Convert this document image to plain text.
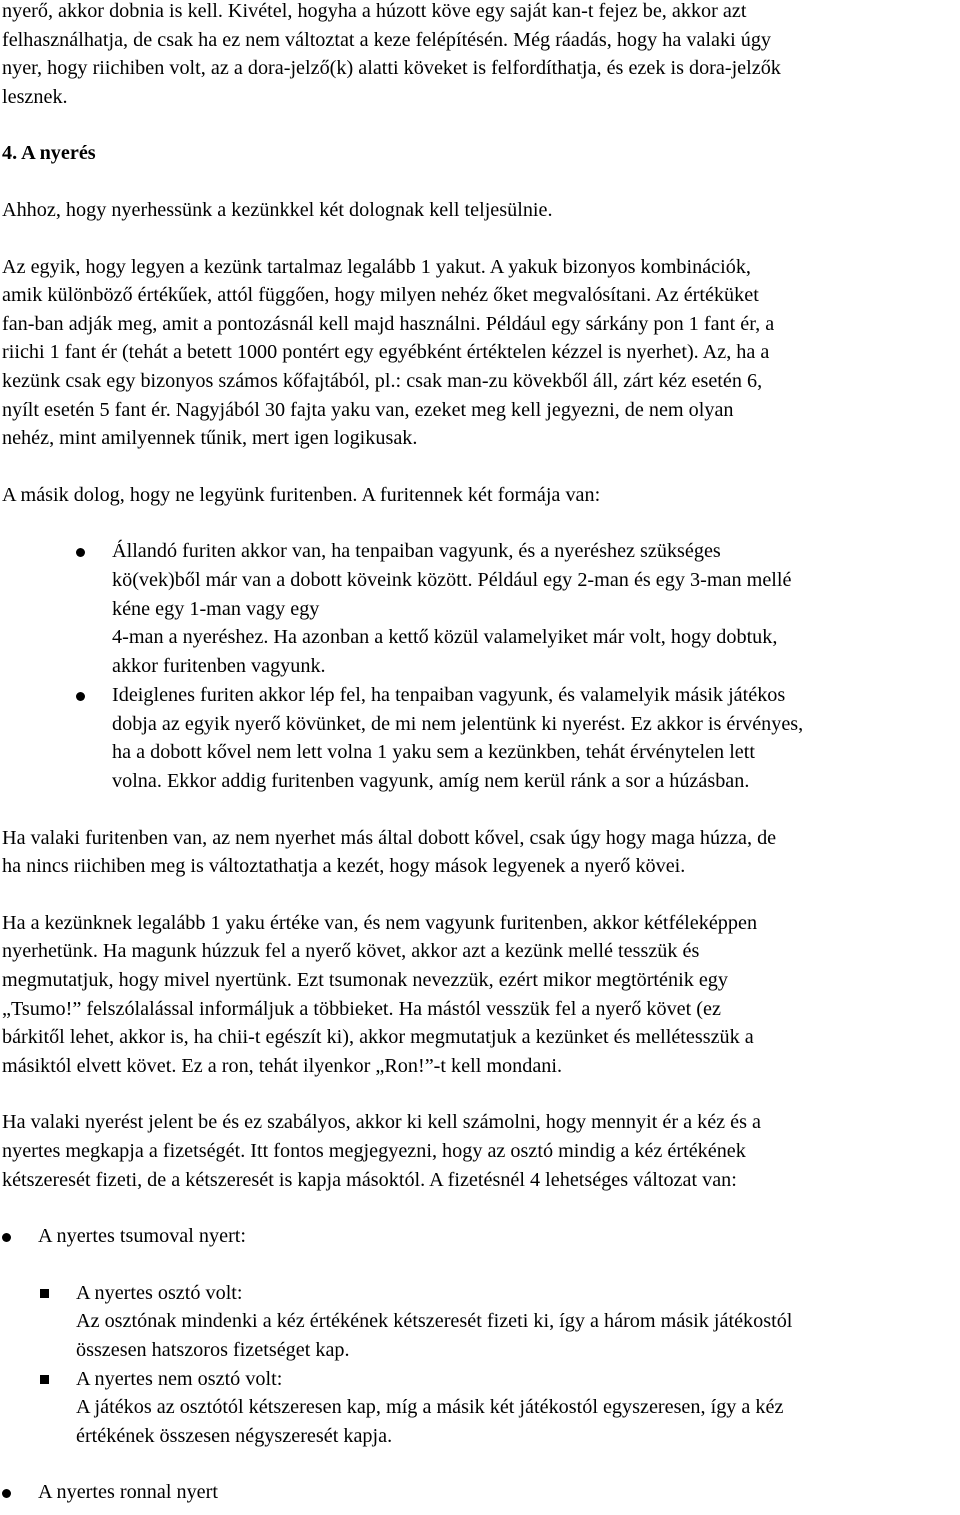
nyerő, akkor dobnia is kell. Kivétel, hogyha a húzott köve egy saját kan-t fejez be, akkor azt

felhasználhatja, de csak ha ez nem változtat a keze felépítésén. Még ráadás, hogy ha valaki úgy

nyer, hogy riichiben volt, az a dora-jelző(k) alatti köveket is felfordíthatja, és ezek is dora-jelzők

lesznek.

4. A nyerés

Ahhoz, hogy nyerhessünk a kezünkkel két dolognak kell teljesülnie.

Az egyik, hogy legyen a kezünk tartalmaz legalább 1 yakut. A yakuk bizonyos kombinációk,

amik különböző értékűek, attól függően, hogy milyen nehéz őket megvalósítani. Az értéküket

fan-ban adják meg, amit a pontozásnál kell majd használni. Például egy sárkány pon 1 fant ér, a

riichi 1 fant ér (tehát a betett 1000 pontért egy egyébként értéktelen kézzel is nyerhet). Az, ha a

kezünk csak egy bizonyos számos kőfajtából, pl.: csak man-zu kövekből áll, zárt kéz esetén 6,

nyílt esetén 5 fant ér. Nagyjából 30 fajta yaku van, ezeket meg kell jegyezni, de nem olyan

nehéz, mint amilyennek tűnik, mert igen logikusak.

A másik dolog, hogy ne legyünk furitenben. A furitennek két formája van:

Állandó furiten akkor van, ha tenpaiban vagyunk, és a nyeréshez szükséges

kö(vek)ből már van a dobott köveink között. Például egy 2-man és egy 3-man mellé

kéne egy 1-man vagy egy

4-man a nyeréshez. Ha azonban a kettő közül valamelyiket már volt, hogy dobtuk,

akkor furitenben vagyunk.

Ideiglenes furiten akkor lép fel, ha tenpaiban vagyunk, és valamelyik másik játékos

dobja az egyik nyerő kövünket, de mi nem jelentünk ki nyerést. Ez akkor is érvényes,

ha a dobott kővel nem lett volna 1 yaku sem a kezünkben, tehát érvénytelen lett

volna. Ekkor addig furitenben vagyunk, amíg nem kerül ránk a sor a húzásban.

Ha valaki furitenben van, az nem nyerhet más által dobott kővel, csak úgy hogy maga húzza, de

ha nincs riichiben meg is változtathatja a kezét, hogy mások legyenek a nyerő kövei.

Ha a kezünknek legalább 1 yaku értéke van, és nem vagyunk furitenben, akkor kétféleképpen

nyerhetünk. Ha magunk húzzuk fel a nyerő követ, akkor azt a kezünk mellé tesszük és

megmutatjuk, hogy mivel nyertünk. Ezt tsumonak nevezzük, ezért mikor megtörténik egy

„Tsumo!” felszólalással informáljuk a többieket. Ha mástól vesszük fel a nyerő követ (ez

bárkitől lehet, akkor is, ha chii-t egészít ki), akkor megmutatjuk a kezünket és mellétesszük a

másiktól elvett követ. Ez a ron, tehát ilyenkor „Ron!”-t kell mondani.

Ha valaki nyerést jelent be és ez szabályos, akkor ki kell számolni, hogy mennyit ér a kéz és a

nyertes megkapja a fizetségét. Itt fontos megjegyezni, hogy az osztó mindig a kéz értékének

kétszeresét fizeti, de a kétszeresét is kapja másoktól. A fizetésnél 4 lehetséges változat van:

A nyertes tsumoval nyert:

A nyertes osztó volt:

Az osztónak mindenki a kéz értékének kétszeresét fizeti ki, így a három másik játékostól

összesen hatszoros fizetséget kap.

A nyertes nem osztó volt:

A játékos az osztótól kétszeresen kap, míg a másik két játékostól egyszeresen, így a kéz

értékének összesen négyszeresét kapja.

A nyertes ronnal nyert
